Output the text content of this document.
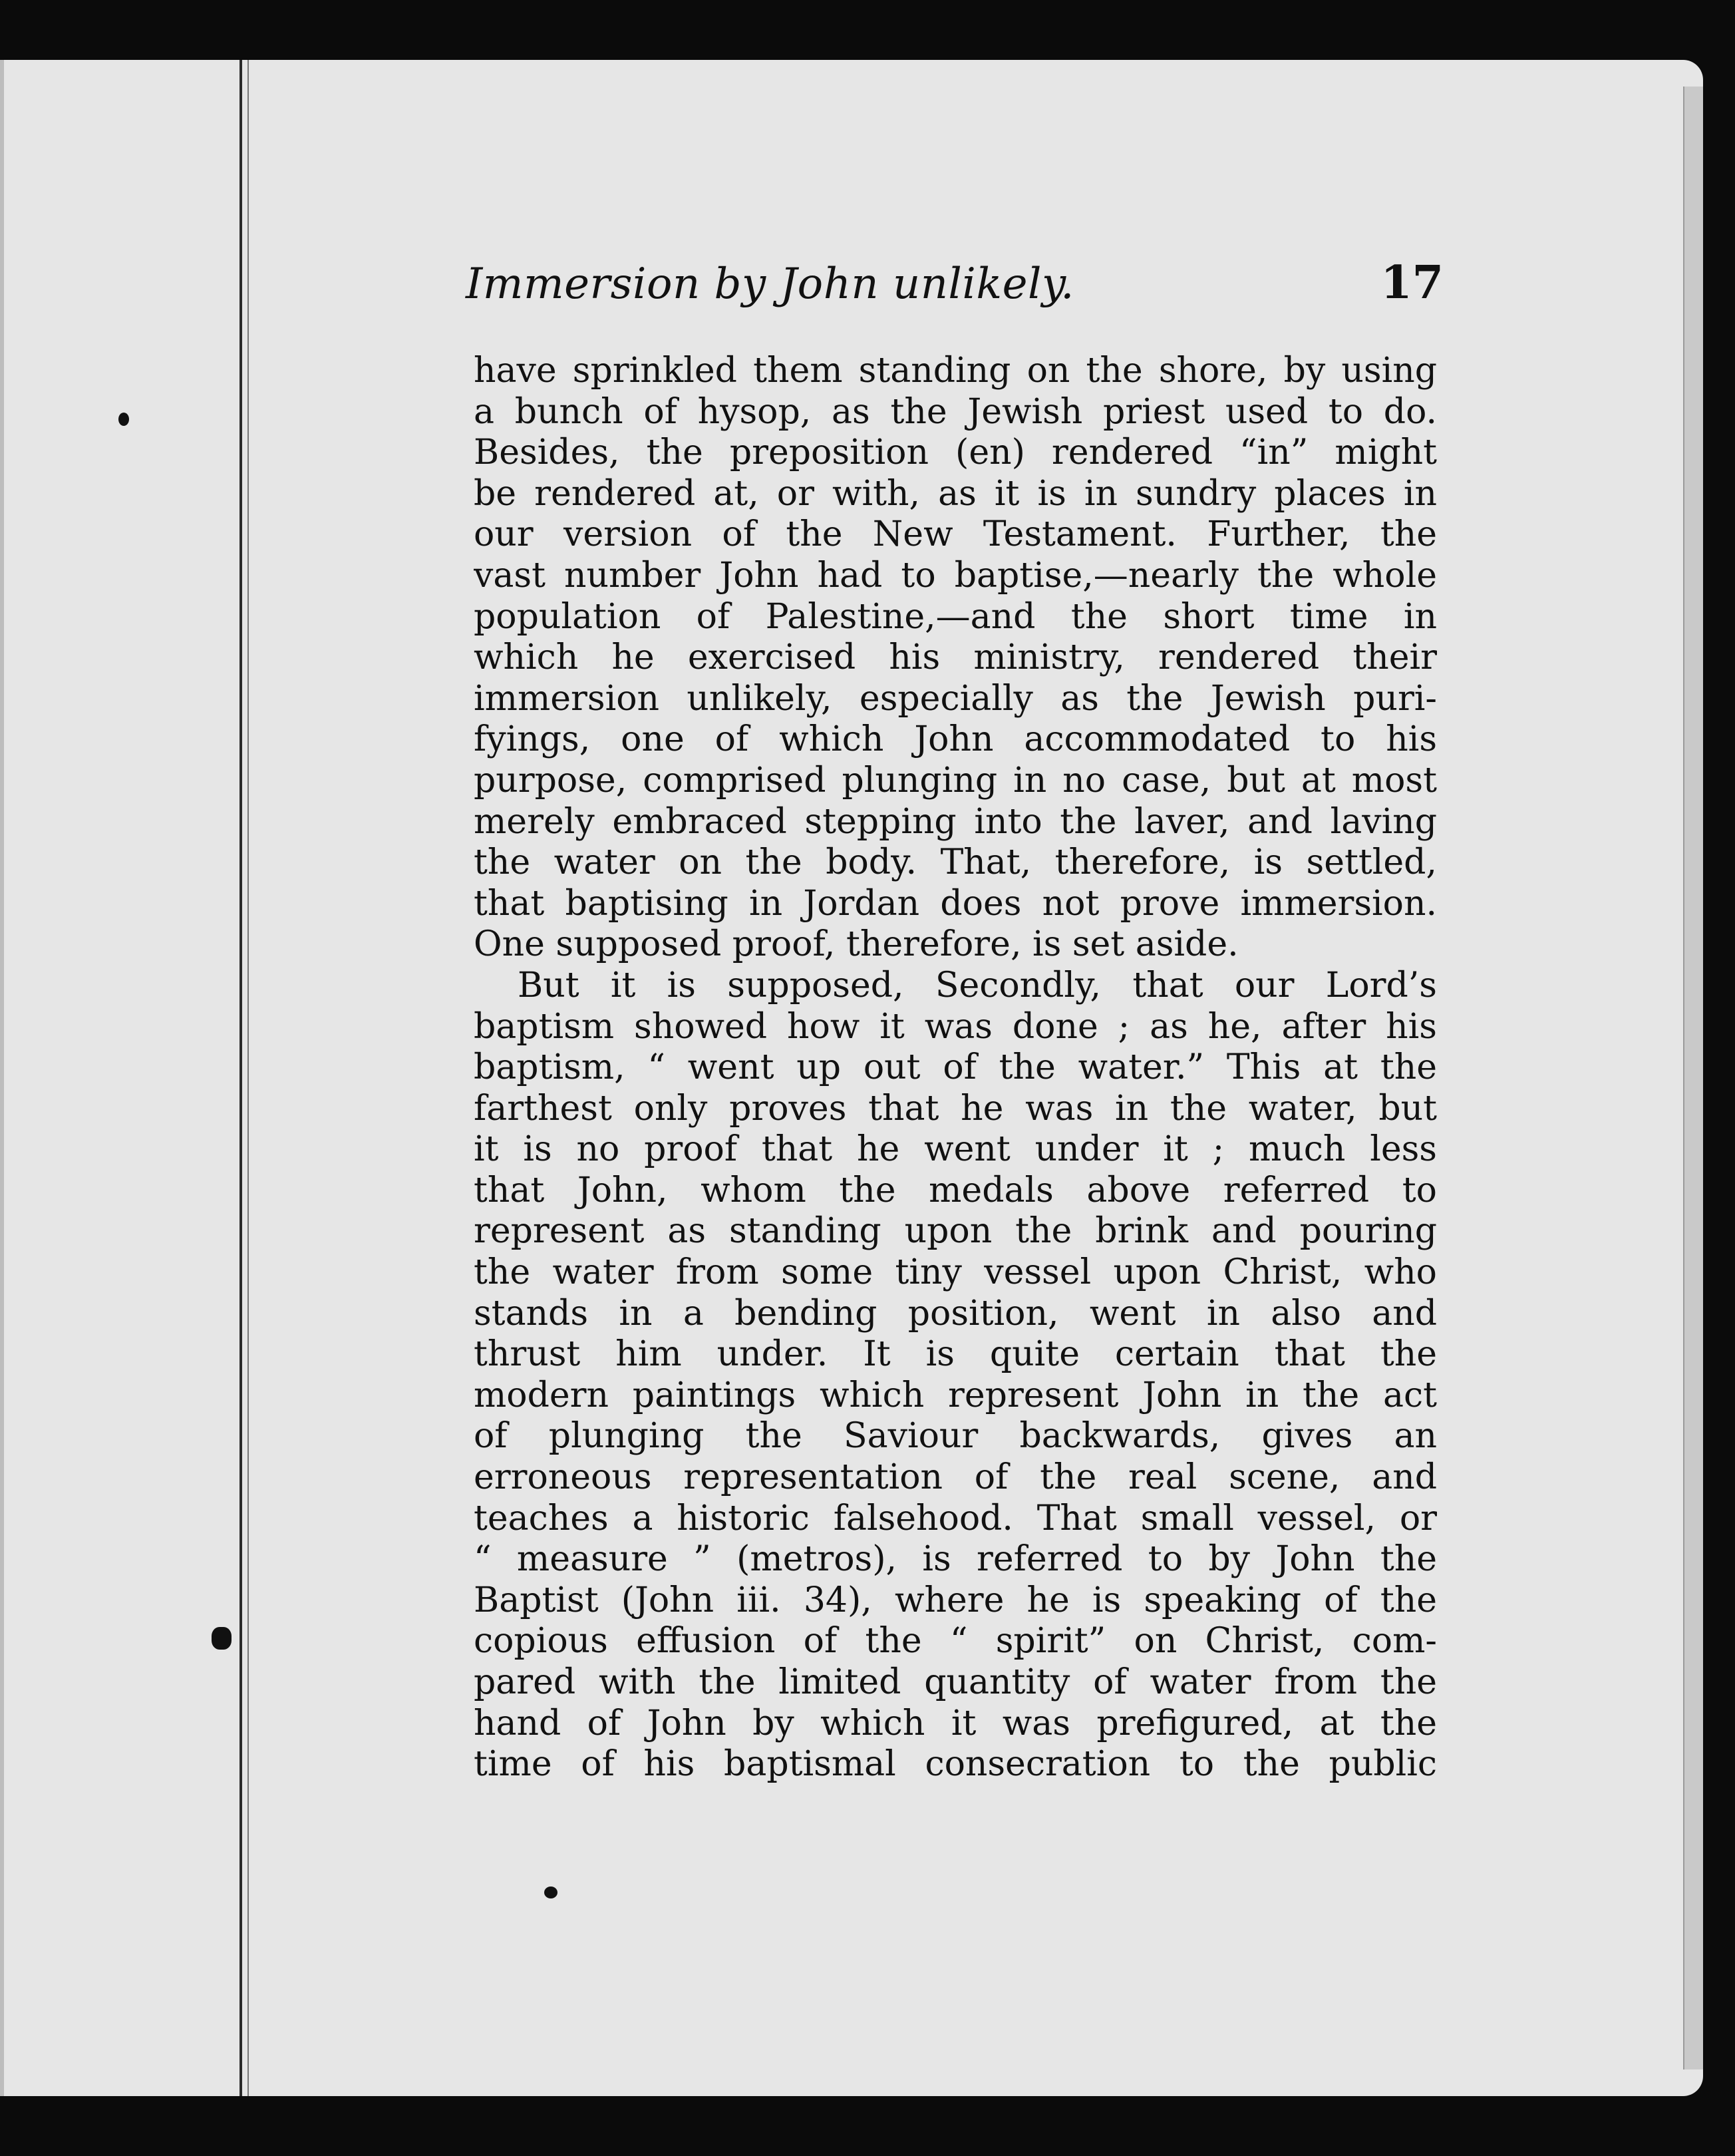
Immersion by John unlikely.	17
have sprinkled them standing on the shore, by using
a bunch of hysop, as the Jewish priest used to do.
Besides, the preposition (en) rendered “in” might
be rendered at, or with, as it is in sundry places in
our version of the New Testament. Further, the
vast number John had to baptise,—nearly the whole
population of Palestine,—and the short time in
which he exercised his ministry, rendered their
immersion unlikely, especially as the Jewish puri-
fyings, one of which John accommodated to his
purpose, comprised plunging in no case, but at most
merely embraced stepping into the laver, and laving
the water on the body. That, therefore, is settled,
that baptising in Jordan does not prove immersion.
One supposed proof, therefore, is set aside.
But it is supposed, Secondly, that our Lord’s
baptism showed how it was done ; as he, after his
baptism, “ went up out of the water.” This at the
farthest only proves that he was in the water, but
it is no proof that he went under it ; much less
that John, whom the medals above referred to
represent as standing upon the brink and pouring
the water from some tiny vessel upon Christ, who
stands in a bending position, went in also and
thrust him under. It is quite certain that the
modern paintings which represent John in the act
of plunging the Saviour backwards, gives an
erroneous representation of the real scene, and
teaches a historic falsehood. That small vessel, or
“ measure ” (metros), is referred to by John the
Baptist (John iii. 34), where he is speaking of the
copious effusion of the “ spirit” on Christ, com-
pared with the limited quantity of water from the
hand of John by which it was prefigured, at the
time of his baptismal consecration to the public
